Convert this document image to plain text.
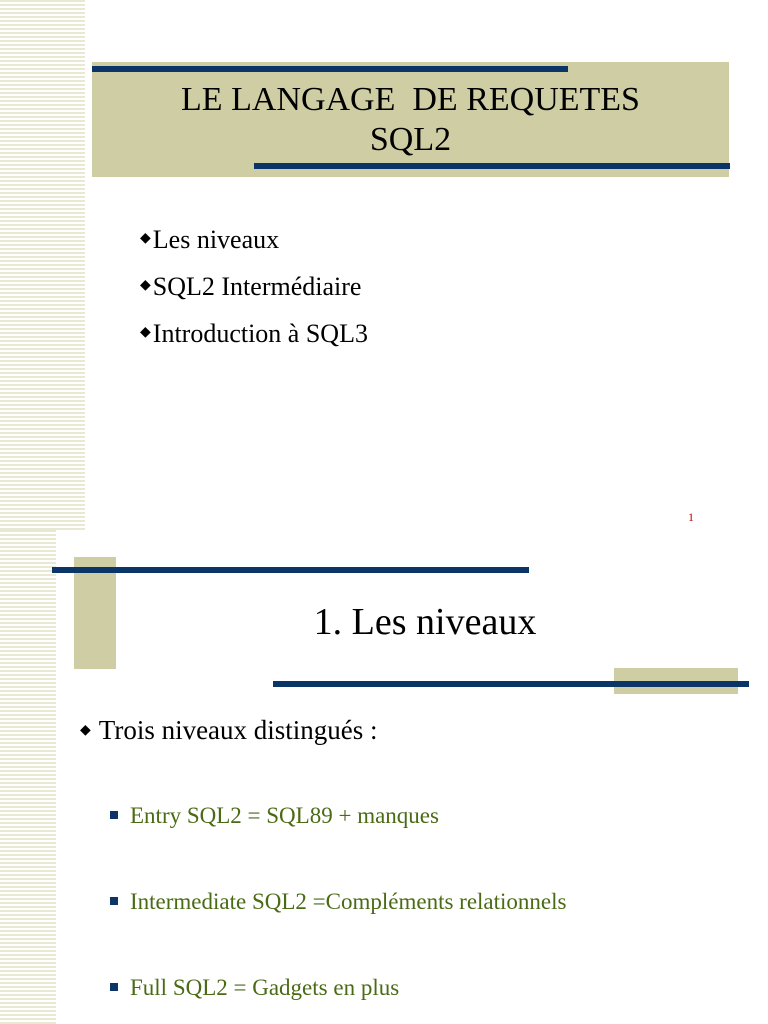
LE LANGAGE  DE REQUETES
SQL2
◆Les niveaux
◆SQL2 Intermédiaire
◆Introduction à SQL3
1
1. Les niveaux
◆ Trois niveaux distingués :
Entry SQL2 = SQL89 + manques
Intermediate SQL2 =Compléments relationnels
Full SQL2 = Gadgets en plus
